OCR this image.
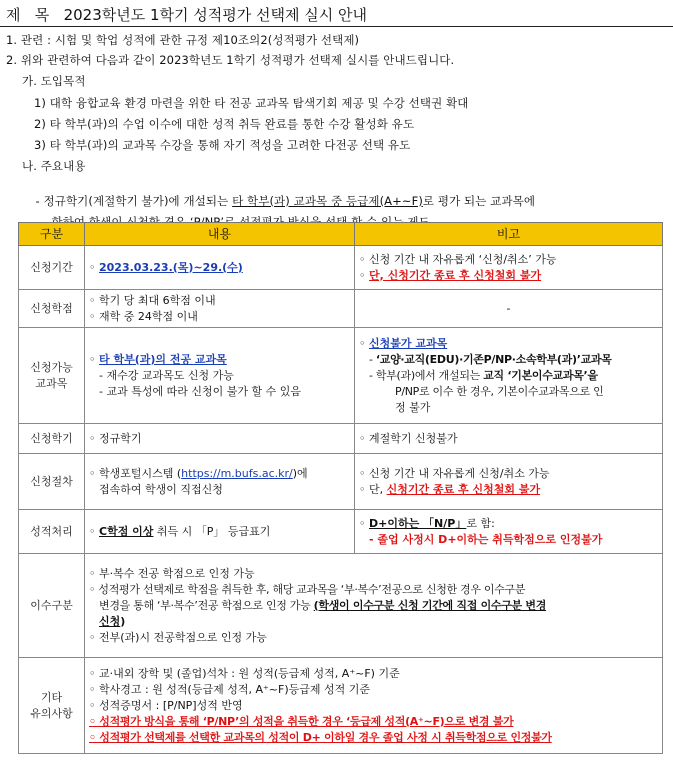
제   목   2023학년도 1학기 성적평가 선택제 실시 안내
1. 관련 : 시험 및 학업 성적에 관한 규정 제10조의2(성적평가 선택제)
2. 위와 관련하여 다음과 같이 2023학년도 1학기 성적평가 선택제 실시를 안내드립니다.
가. 도입목적
1) 대학 융합교육 환경 마련을 위한 타 전공 교과목 탐색기회 제공 및 수강 선택권 확대
2) 타 학부(과)의 수업 이수에 대한 성적 취득 완료를 통한 수강 활성화 유도
3) 타 학부(과)의 교과목 수강을 통해 자기 적성을 고려한 다전공 선택 유도
나. 주요내용

- 정규학기(계절학기 불가)에 개설되는 타 학부(과) 교과목 중 등급제(A+~F)로 평가 되는 교과목에

구분	내용	비고
신청기간	◦ 2023.03.23.(목)~29.(수)	◦ 신청 기간 내 자유롭게 ‘신청/취소’ 가능
◦ 단, 신청기간 종료 후 신청철회 불가

신청학점	◦ 학기 당 최대 6학점 이내
◦ 재학 중 24학점 이내	-

신청가능
교과목	◦ 타 학부(과)의 전공 교과목
- 재수강 교과목도 신청 가능
- 교과 특성에 따라 신청이 불가 할 수 있음	◦ 신청불가 교과목
- ‘교양·교직(EDU)·기존P/NP·소속학부(과)’교과목
- 학부(과)에서 개설되는 교직 ‘기본이수교과목’을
P/NP로 이수 한 경우, 기본이수교과목으로 인
정 불가

신청학기	◦ 정규학기	◦ 계절학기 신청불가
신청절차	◦ 학생포털시스템 (https://m.bufs.ac.kr/)에
접속하여 학생이 직접신청	◦ 신청 기간 내 자유롭게 신청/취소 가능
◦ 단, 신청기간 종료 후 신청철회 불가

성적처리	◦ C학점 이상 취득 시 「P」 등급표기	◦ D+이하는 「N/P」로 함:
- 졸업 사정시 D+이하는 취득학점으로 인정불가

이수구분	◦ 부·복수 전공 학점으로 인정 가능
◦ 성적평가 선택제로 학점을 취득한 후, 해당 교과목을 ‘부·복수’전공으로 신청한 경우 이수구분
변경을 통해 ‘부·복수’전공 학점으로 인정 가능 (학생이 이수구분 신청 기간에 직접 이수구분 변경
신청)
◦ 전부(과)시 전공학점으로 인정 가능	

기타
유의사항	◦ 교·내외 장학 및 (졸업)석차 : 원 성적(등급제 성적, A⁺~F) 기준
◦ 학사경고 : 원 성적(등급제 성적, A⁺~F)등급제 성적 기준
◦ 성적증명서 : [P/NP]성적 반영
◦ 성적평가 방식을 통해 ‘P/NP’의 성적을 취득한 경우 ‘등급제 성적(A⁺~F)으로 변경 불가
◦ 성적평가 선택제를 선택한 교과목의 성적이 D+ 이하일 경우 졸업 사정 시 취득학점으로 인정불가	
